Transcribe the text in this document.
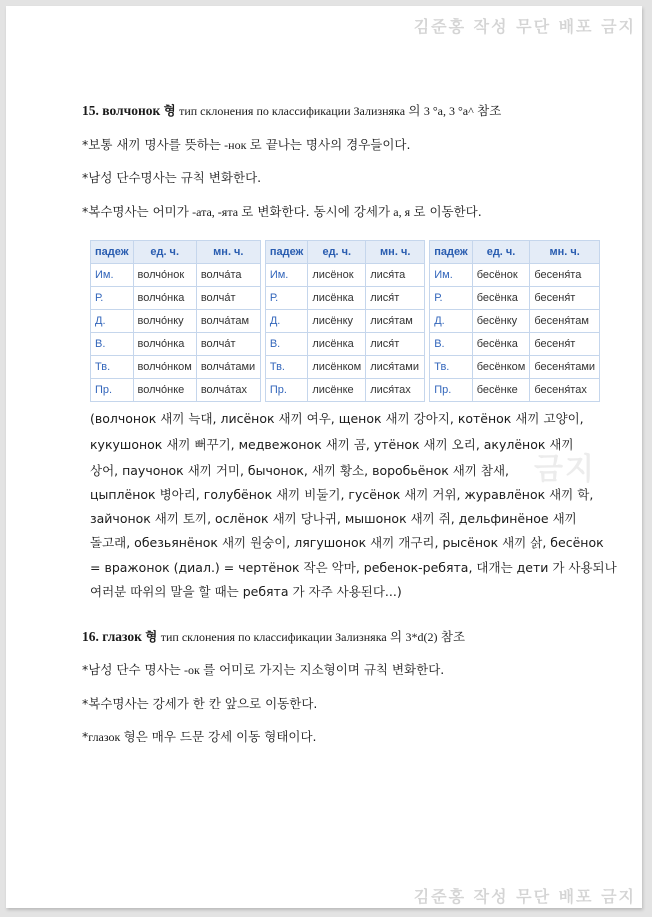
김준홍 작성 무단 배포 금지
금지
15. волчонок 형 тип склонения по классификации Зализняка 의 3 °a, 3 °a^ 참조
*보통 새끼 명사를 뜻하는 -нок 로 끝나는 명사의 경우들이다.
*남성 단수명사는 규칙 변화한다.
*복수명사는 어미가 -ата, -ята 로 변화한다. 동시에 강세가 а, я 로 이동한다.
падеж	ед. ч.	мн. ч.
Им.	волчо́нок	волча́та
Р.	волчо́нка	волча́т
Д.	волчо́нку	волча́там
В.	волчо́нка	волча́т
Тв.	волчо́нком	волча́тами
Пр.	волчо́нке	волча́тах
падеж	ед. ч.	мн. ч.
Им.	лисёнок	лися́та
Р.	лисёнка	лися́т
Д.	лисёнку	лися́там
В.	лисёнка	лися́т
Тв.	лисёнком	лися́тами
Пр.	лисёнке	лися́тах
падеж	ед. ч.	мн. ч.
Им.	бесёнок	бесеня́та
Р.	бесёнка	бесеня́т
Д.	бесёнку	бесеня́там
В.	бесёнка	бесеня́т
Тв.	бесёнком	бесеня́тами
Пр.	бесёнке	бесеня́тах
(волчонок 새끼 늑대, лисёнок 새끼 여우, щенок 새끼 강아지, котёнок 새끼 고양이,
кукушонок 새끼 뻐꾸기, медвежонок 새끼 곰, утёнок 새끼 오리, акулёнок 새끼
상어, паучонок 새끼 거미, бычонок, 새끼 황소, воробьёнок 새끼 참새,
цыплёнок 병아리, голубёнок 새끼 비둘기, гусёнок 새끼 거위, журавлёнок 새끼 학,
зайчонок 새끼 토끼, ослёнок 새끼 당나귀, мышонок 새끼 쥐, дельфинёное 새끼
돌고래, обезьянёнок 새끼 원숭이, лягушонок 새끼 개구리, рысёнок 새끼 삵, бесёнок
= вражонок (диал.) = чертёнок 작은 악마, ребенок-ребята, 대개는 дети 가 사용되나
여러분 따위의 말을 할 때는 ребята 가 자주 사용된다...)
16. глазок 형 тип склонения по классификации Зализняка 의 3*d(2) 참조
*남성 단수 명사는 -ок 를 어미로 가지는 지소형이며 규칙 변화한다.
*복수명사는 강세가 한 칸 앞으로 이동한다.
*глазок 형은 매우 드문 강세 이동 형태이다.
김준홍 작성 무단 배포 금지
